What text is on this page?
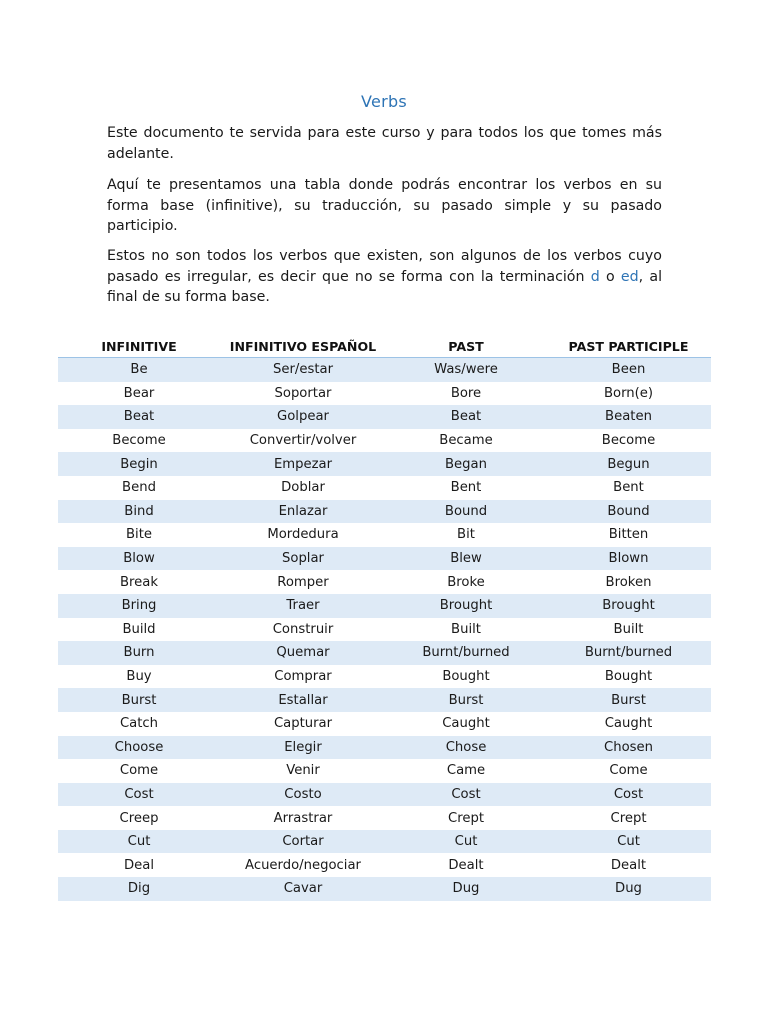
Verbs
Este documento te servida para este curso y para todos los que tomes más adelante.
Aquí te presentamos una tabla donde podrás encontrar los verbos en su forma base (infinitive), su traducción, su pasado simple y su pasado participio.
Estos no son todos los verbos que existen, son algunos de los verbos cuyo pasado es irregular, es decir que no se forma con la terminación d o ed, al final de su forma base.
INFINITIVE	INFINITIVO ESPAÑOL	PAST	PAST PARTICIPLE
Be	Ser/estar	Was/were	Been
Bear	Soportar	Bore	Born(e)
Beat	Golpear	Beat	Beaten
Become	Convertir/volver	Became	Become
Begin	Empezar	Began	Begun
Bend	Doblar	Bent	Bent
Bind	Enlazar	Bound	Bound
Bite	Mordedura	Bit	Bitten
Blow	Soplar	Blew	Blown
Break	Romper	Broke	Broken
Bring	Traer	Brought	Brought
Build	Construir	Built	Built
Burn	Quemar	Burnt/burned	Burnt/burned
Buy	Comprar	Bought	Bought
Burst	Estallar	Burst	Burst
Catch	Capturar	Caught	Caught
Choose	Elegir	Chose	Chosen
Come	Venir	Came	Come
Cost	Costo	Cost	Cost
Creep	Arrastrar	Crept	Crept
Cut	Cortar	Cut	Cut
Deal	Acuerdo/negociar	Dealt	Dealt
Dig	Cavar	Dug	Dug
